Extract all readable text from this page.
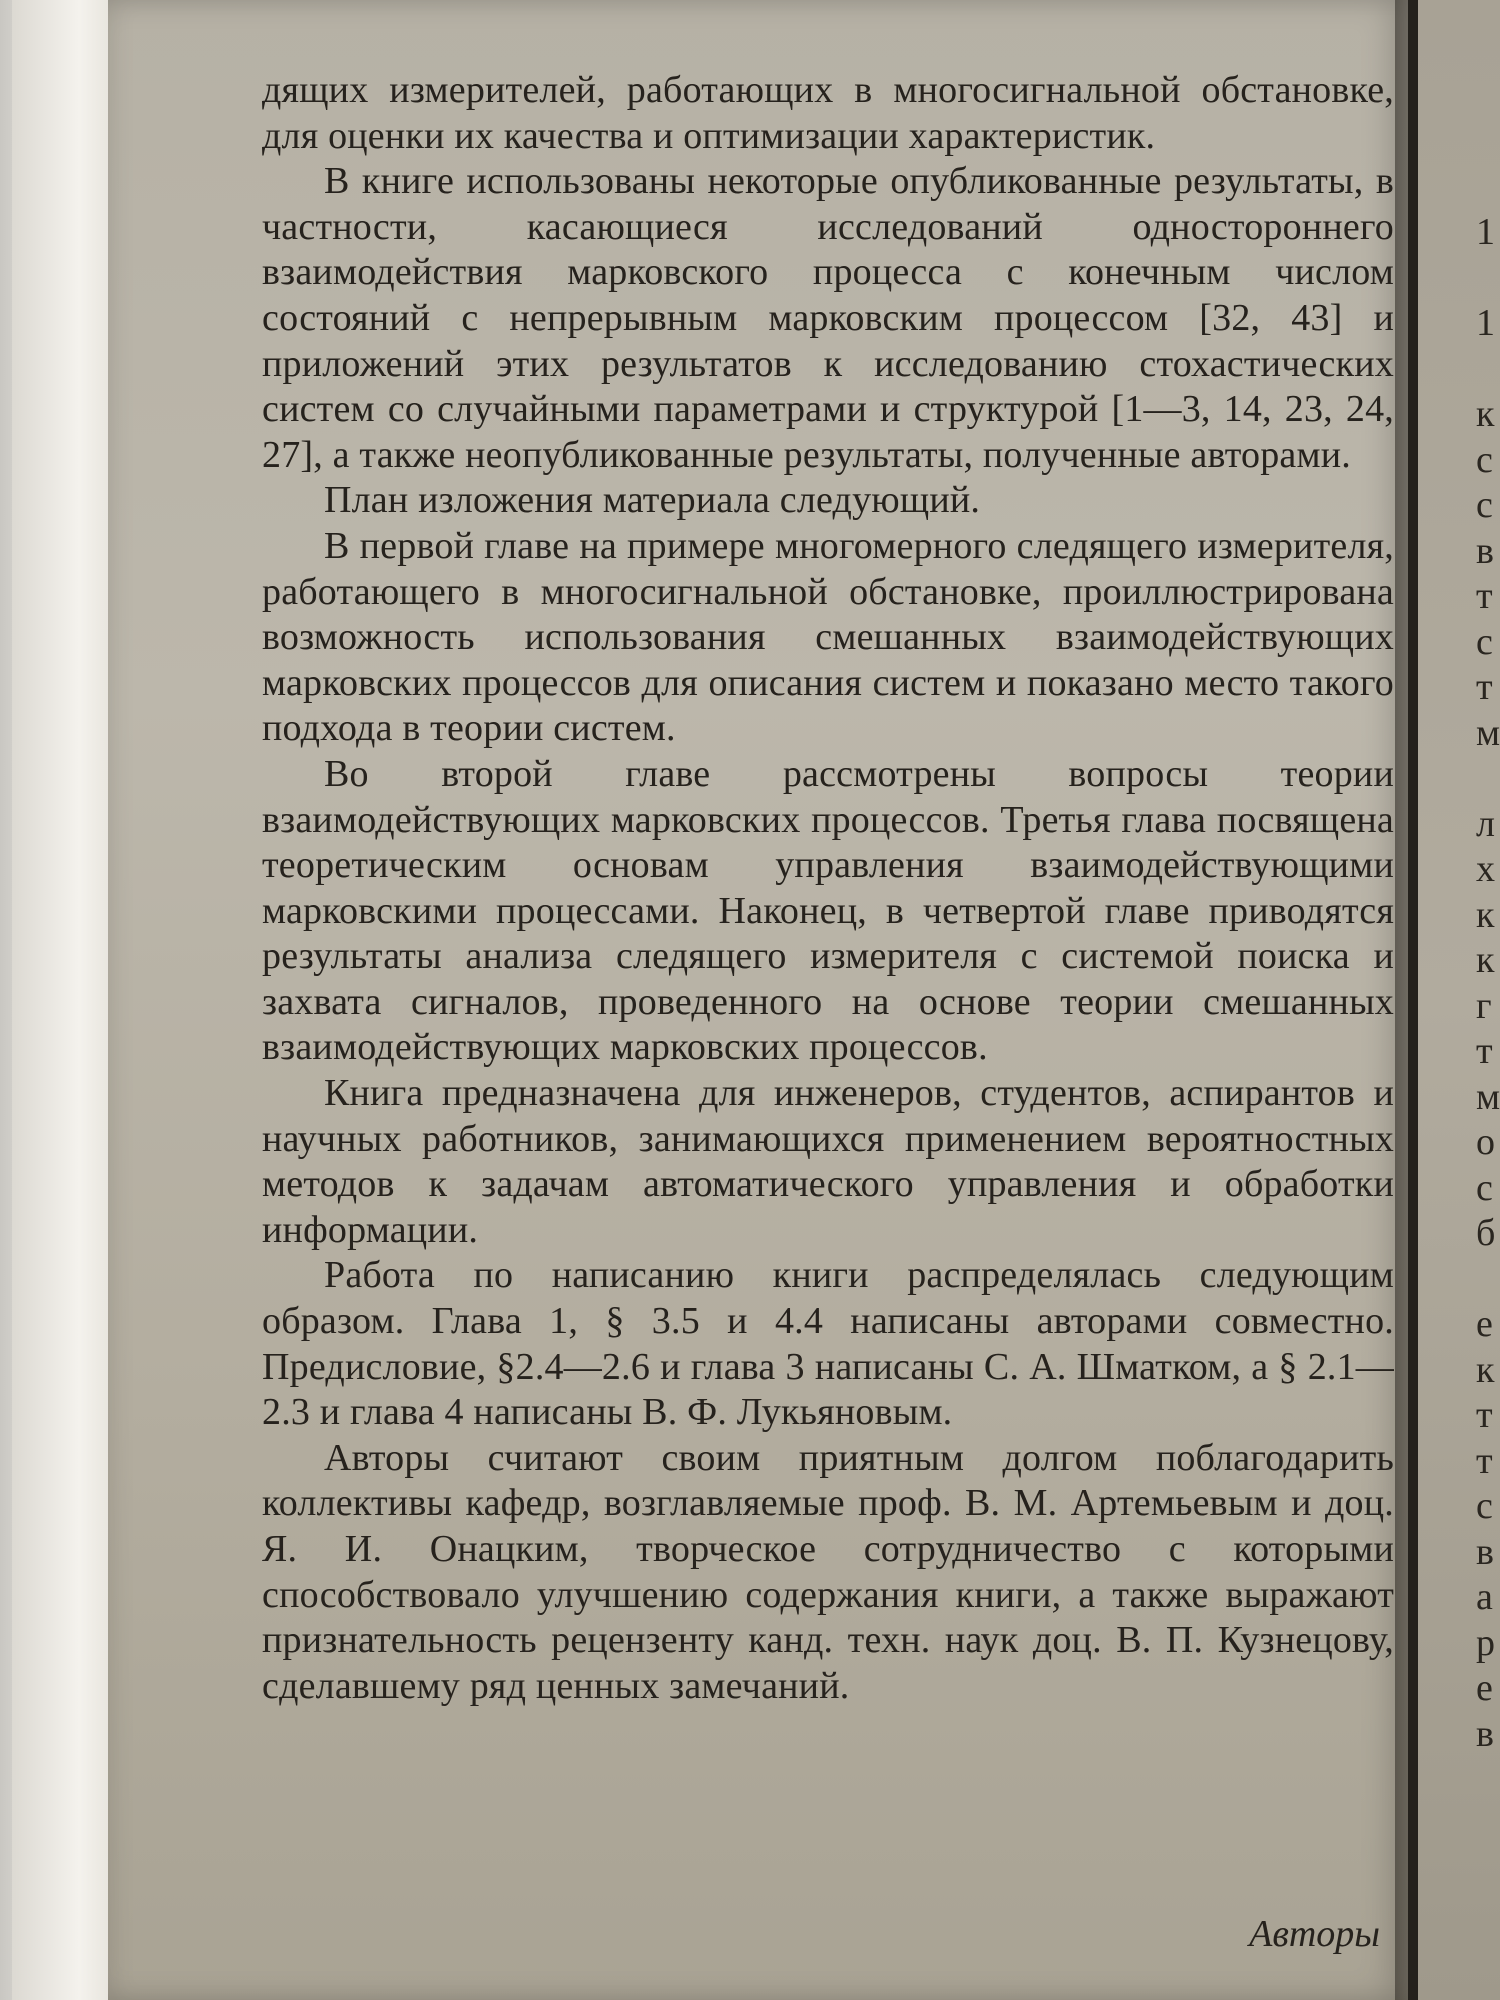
дящих измерителей, работающих в многосигнальной обстановке, для оценки их качества и оптимизации характеристик.

В книге использованы некоторые опубликованные результаты, в частности, касающиеся исследований одностороннего взаимодействия марковского процесса с конечным числом состояний с непрерывным марковским процессом [32, 43] и приложений этих результатов к исследованию стохастических систем со случайными параметрами и структурой [1—3, 14, 23, 24, 27], а также неопубликованные результаты, полученные авторами.

План изложения материала следующий.

В первой главе на примере многомерного следящего измерителя, работающего в многосигнальной обстановке, проиллюстрирована возможность использования смешанных взаимодействующих марковских процессов для описания систем и показано место такого подхода в теории систем.

Во второй главе рассмотрены вопросы теории взаимодействующих марковских процессов. Третья глава посвящена теоретическим основам управления взаимодействующими марковскими процессами. Наконец, в четвертой главе приводятся результаты анализа следящего измерителя с системой поиска и захвата сигналов, проведенного на основе теории смешанных взаимодействующих марковских процессов.

Книга предназначена для инженеров, студентов, аспирантов и научных работников, занимающихся применением вероятностных методов к задачам автоматического управления и обработки информации.

Работа по написанию книги распределялась следующим образом. Глава 1, § 3.5 и 4.4 написаны авторами совместно. Предисловие, §2.4—2.6 и глава 3 написаны С. А. Шматком, а § 2.1—2.3 и глава 4 написаны В. Ф. Лукьяновым.

Авторы считают своим приятным долгом поблагодарить коллективы кафедр, возглавляемые проф. В. М. Артемьевым и доц. Я. И. Онацким, творческое сотрудничество с которыми способствовало улучшению содержания книги, а также выражают признательность рецензенту канд. техн. наук доц. В. П. Кузнецову, сделавшему ряд ценных замечаний.

Авторы
1

1

к
с
с
в
т
с
т
м

л
х
к
к
г
т
м
о
с
б

е
к
т
т
с
в
а
р
е
в
